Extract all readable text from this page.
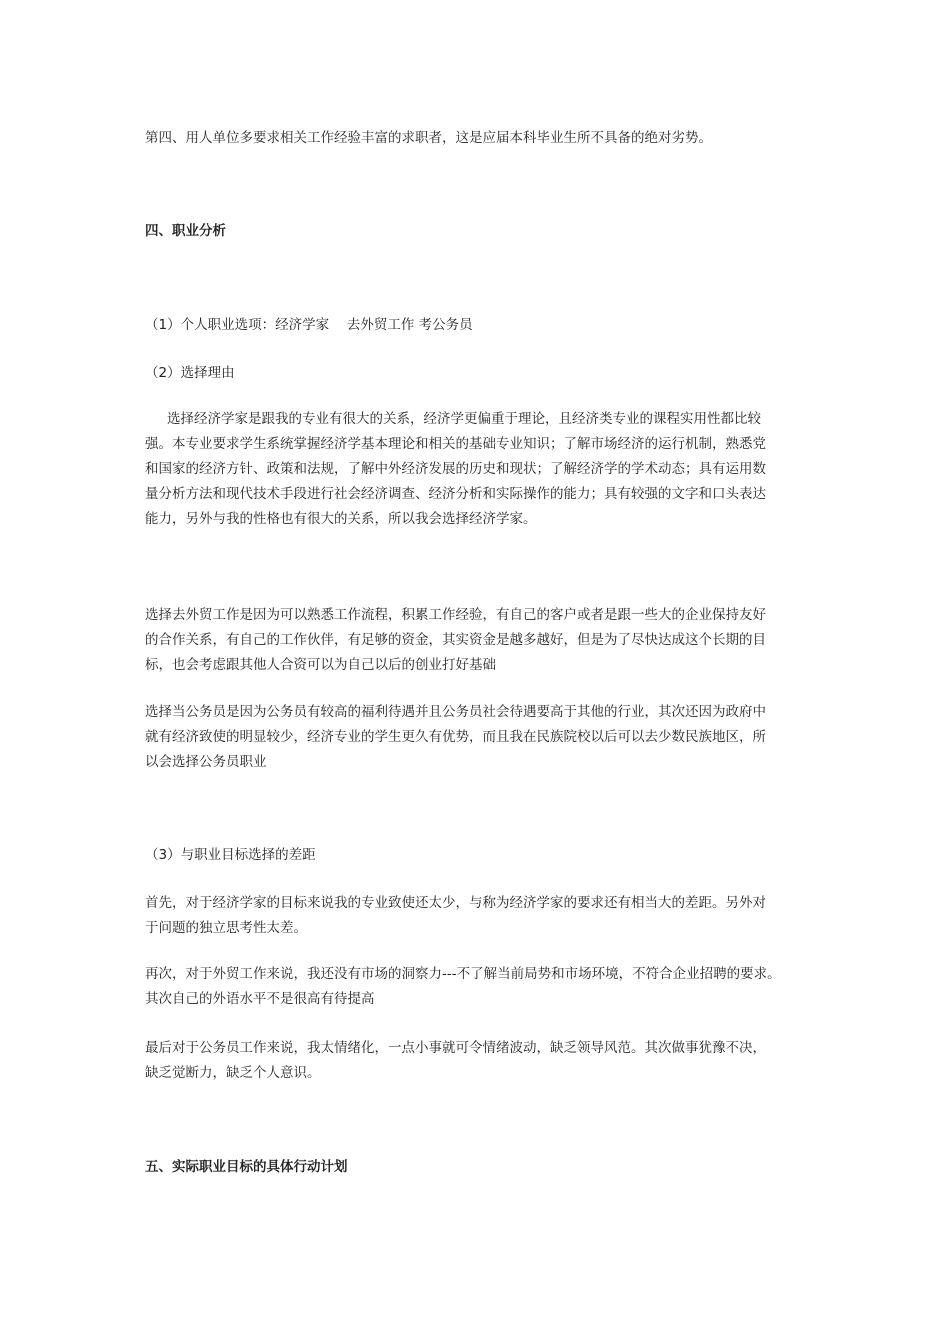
第四、用人单位多要求相关工作经验丰富的求职者，这是应届本科毕业生所不具备的绝对劣势。

四、职业分析

（1）个人职业选项：经济学家　 去外贸工作 考公务员

（2）选择理由

选择经济学家是跟我的专业有很大的关系，经济学更偏重于理论，且经济类专业的课程实用性都比较
强。本专业要求学生系统掌握经济学基本理论和相关的基础专业知识；了解市场经济的运行机制，熟悉党
和国家的经济方针、政策和法规，了解中外经济发展的历史和现状；了解经济学的学术动态；具有运用数
量分析方法和现代技术手段进行社会经济调查、经济分析和实际操作的能力；具有较强的文字和口头表达
能力，另外与我的性格也有很大的关系，所以我会选择经济学家。
选择去外贸工作是因为可以熟悉工作流程，积累工作经验，有自己的客户或者是跟一些大的企业保持友好
的合作关系，有自己的工作伙伴，有足够的资金，其实资金是越多越好，但是为了尽快达成这个长期的目
标，也会考虑跟其他人合资可以为自己以后的创业打好基础
选择当公务员是因为公务员有较高的福利待遇并且公务员社会待遇要高于其他的行业，其次还因为政府中
就有经济致使的明显较少，经济专业的学生更久有优势，而且我在民族院校以后可以去少数民族地区，所
以会选择公务员职业

（3）与职业目标选择的差距

首先，对于经济学家的目标来说我的专业致使还太少，与称为经济学家的要求还有相当大的差距。另外对
于问题的独立思考性太差。
再次，对于外贸工作来说，我还没有市场的洞察力---不了解当前局势和市场环境，不符合企业招聘的要求。
其次自己的外语水平不是很高有待提高
最后对于公务员工作来说，我太情绪化，一点小事就可令情绪波动，缺乏领导风范。其次做事犹豫不决，
缺乏觉断力，缺乏个人意识。

五、实际职业目标的具体行动计划
